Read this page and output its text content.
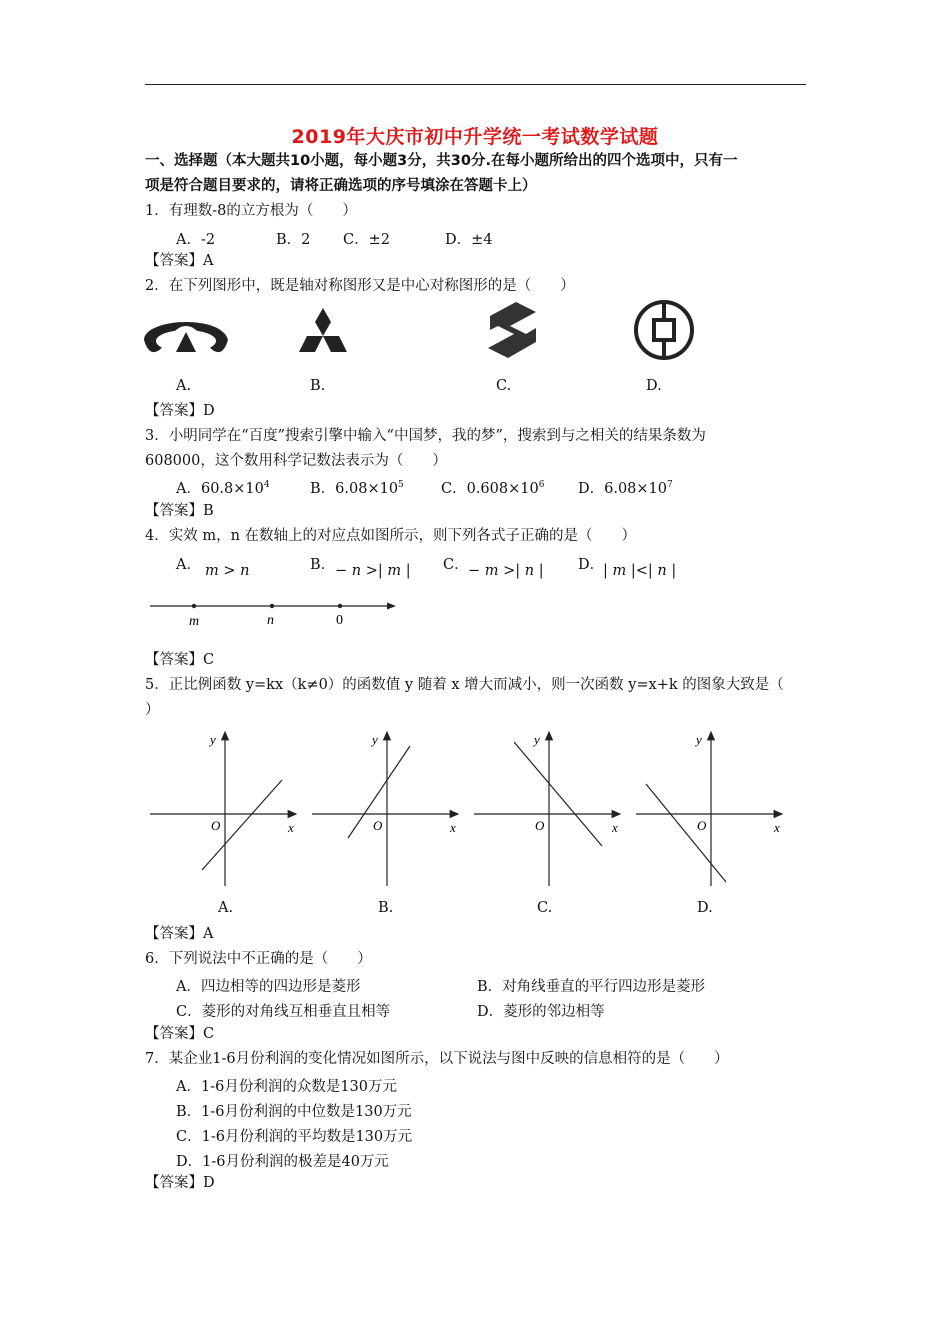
2019年大庆市初中升学统一考试数学试题
一、选择题（本大题共10小题，每小题3分，共30分.在每小题所给出的四个选项中，只有一
项是符合题目要求的，请将正确选项的序号填涂在答题卡上）
1．有理数-8的立方根为（　　）
A．-2	B．2 C．±2	D．±4
【答案】A
2．在下列图形中，既是轴对称图形又是中心对称图形的是（　　）
A.	B.	C.	D.
【答案】D
3．小明同学在“百度”搜索引擎中输入“中国梦，我的梦”，搜索到与之相关的结果条数为
608000，这个数用科学记数法表示为（　　）
A．$60.8\times 10^4$	B．$6.08\times 10^5$	C．$0.608\times 10^6$ D．$6.08\times 10^7$
【答案】B
4．实效 m，n 在数轴上的对应点如图所示，则下列各式子正确的是（　　）
A． m > n	B． − n >| m | C． − m >| n | D．
| m |<| n |
m	n	0
【答案】C
5．正比例函数 y=kx（k≠0）的函数值 y 随着 x 增大而减小，则一次函数 y=x+k 的图象大致是（
）
y
O	x
y
O	x
y
O	x
y
O	x
A.	B.	C.	D.
【答案】A
6．下列说法中不正确的是（　　）
A．四边相等的四边形是菱形	B．对角线垂直的平行四边形是菱形
C．菱形的对角线互相垂直且相等	D．菱形的邻边相等
【答案】C
7．某企业1-6月份利润的变化情况如图所示，以下说法与图中反映的信息相符的是（　　）
A．1-6月份利润的众数是130万元
B．1-6月份利润的中位数是130万元
C．1-6月份利润的平均数是130万元
D．1-6月份利润的极差是40万元
【答案】D
